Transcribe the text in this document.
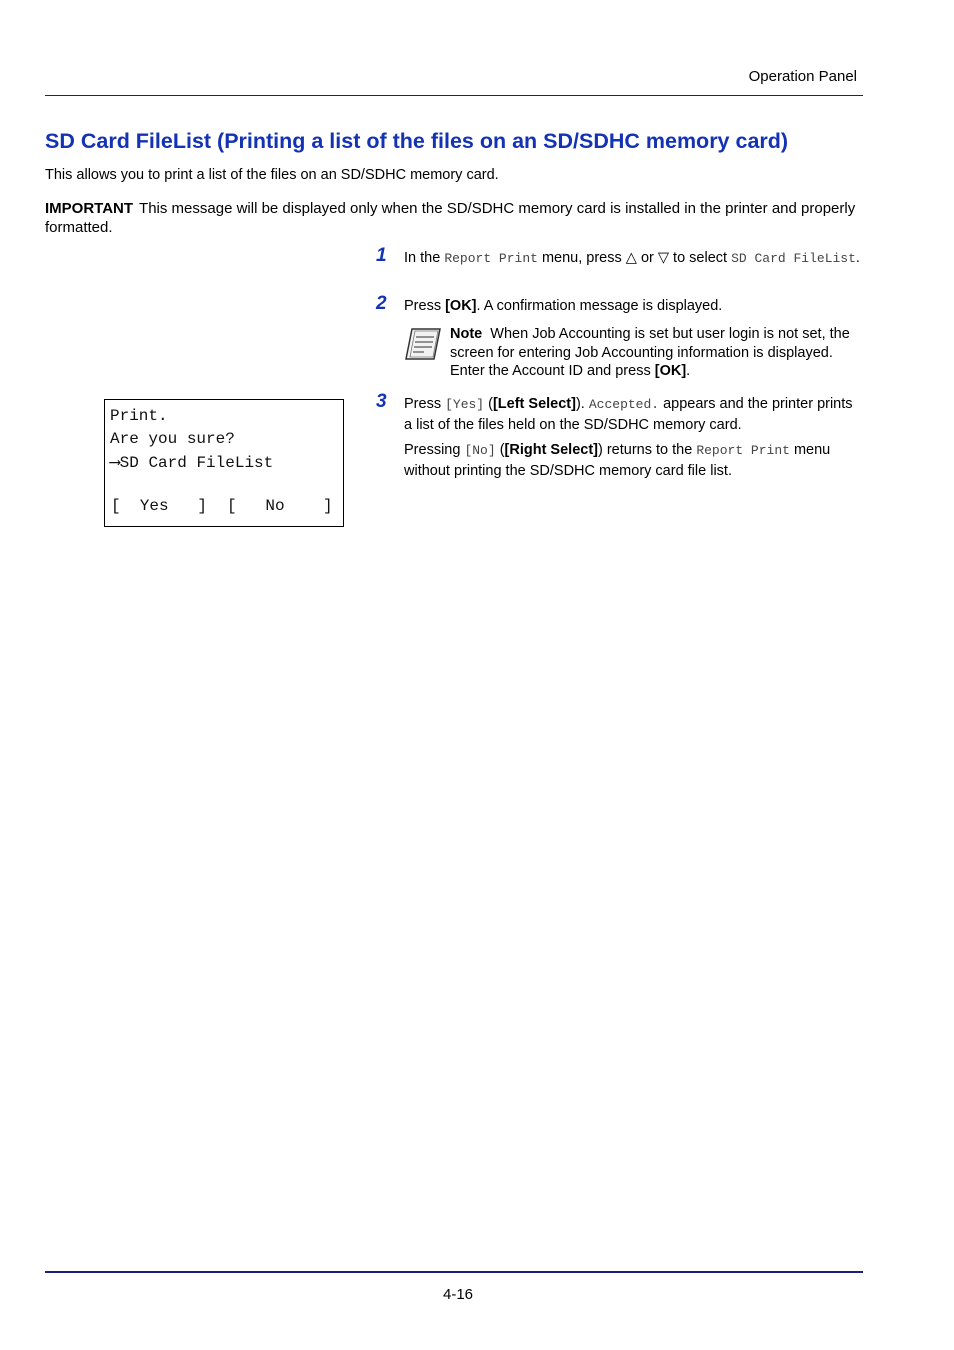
Operation Panel
SD Card FileList (Printing a list of the files on an SD/SDHC memory card)

This allows you to print a list of the files on an SD/SDHC memory card.

IMPORTANT This message will be displayed only when the SD/SDHC memory card is installed in the printer and properly formatted.

1 In the Report Print menu, press △ or ▽ to select SD Card FileList.

2 Press [OK]. A confirmation message is displayed.

Note When Job Accounting is set but user login is not set, the screen for entering Job Accounting information is displayed. Enter the Account ID and press [OK].
3 Press [Yes] ([Left Select]). Accepted. appears and the printer prints a list of the files held on the SD/SDHC memory card.

Pressing [No] ([Right Select]) returns to the Report Print menu without printing the SD/SDHC memory card file list.

Print.
Are you sure?
⟶SD Card FileList
[  Yes   ] [   No    ]
4-16
